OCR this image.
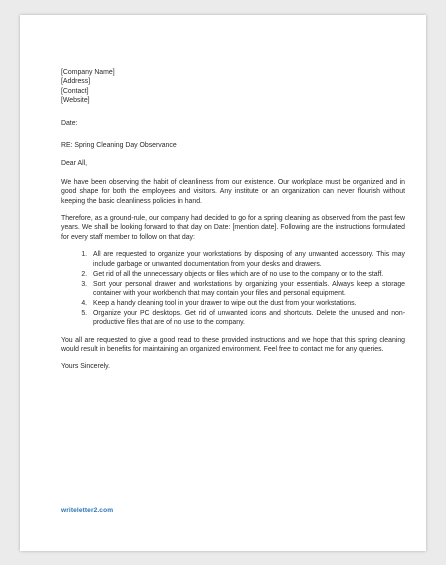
[Company Name]
[Address]
[Contact]
[Website]

Date:

RE: Spring Cleaning Day Observance

Dear All,

We have been observing the habit of cleanliness from our existence. Our workplace must be organized and in good shape for both the employees and visitors. Any institute or an organization can never flourish without keeping the basic cleanliness policies in hand.

Therefore, as a ground-rule, our company had decided to go for a spring cleaning as observed from the past few years. We shall be looking forward to that day on Date: [mention date]. Following are the instructions formulated for every staff member to follow on that day:

1. All are requested to organize your workstations by disposing of any unwanted accessory. This may include garbage or unwanted documentation from your desks and drawers.
2. Get rid of all the unnecessary objects or files which are of no use to the company or to the staff.
3. Sort your personal drawer and workstations by organizing your essentials. Always keep a storage container with your workbench that may contain your files and personal equipment.
4. Keep a handy cleaning tool in your drawer to wipe out the dust from your workstations.
5. Organize your PC desktops. Get rid of unwanted icons and shortcuts. Delete the unused and non-productive files that are of no use to the company.

You all are requested to give a good read to these provided instructions and we hope that this spring cleaning would result in benefits for maintaining an organized environment. Feel free to contact me for any queries.

Yours Sincerely.

writeletter2.com
